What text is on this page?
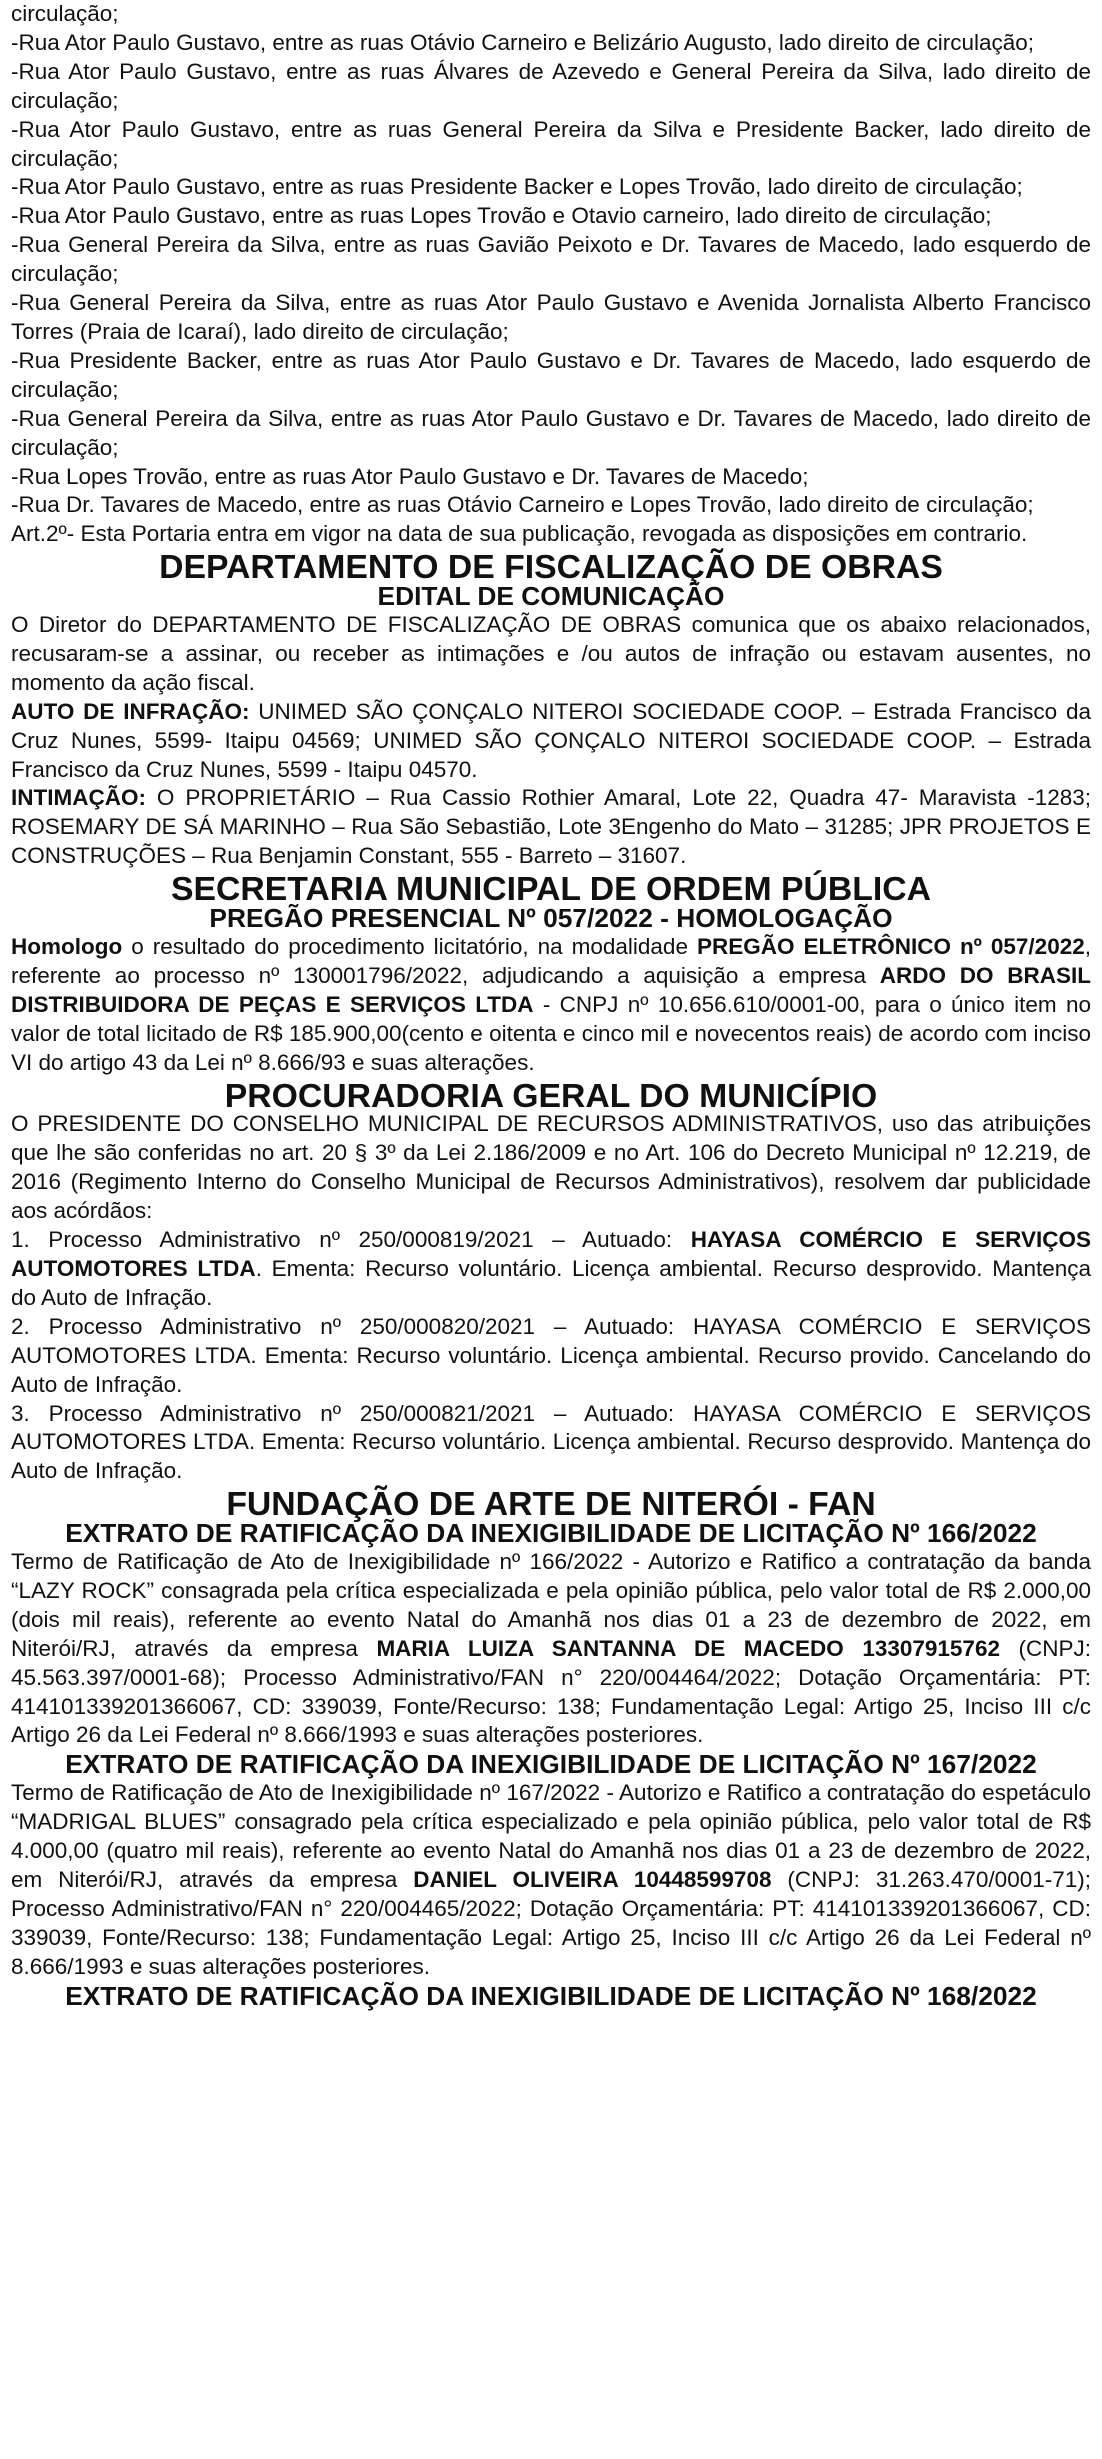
circulação;

-Rua Ator Paulo Gustavo, entre as ruas Otávio Carneiro e Belizário Augusto, lado direito de circulação;

-Rua Ator Paulo Gustavo, entre as ruas Álvares de Azevedo e General Pereira da Silva, lado direito de circulação;

-Rua Ator Paulo Gustavo, entre as ruas General Pereira da Silva e Presidente Backer, lado direito de circulação;

-Rua Ator Paulo Gustavo, entre as ruas Presidente Backer e Lopes Trovão, lado direito de circulação;

-Rua Ator Paulo Gustavo, entre as ruas Lopes Trovão e Otavio carneiro, lado direito de circulação;

-Rua General Pereira da Silva, entre as ruas Gavião Peixoto e Dr. Tavares de Macedo, lado esquerdo de circulação;

-Rua General Pereira da Silva, entre as ruas Ator Paulo Gustavo e Avenida Jornalista Alberto Francisco Torres (Praia de Icaraí), lado direito de circulação;

-Rua Presidente Backer, entre as ruas Ator Paulo Gustavo e Dr. Tavares de Macedo, lado esquerdo de circulação;

-Rua General Pereira da Silva, entre as ruas Ator Paulo Gustavo e Dr. Tavares de Macedo, lado direito de circulação;

-Rua Lopes Trovão, entre as ruas Ator Paulo Gustavo e Dr. Tavares de Macedo;

-Rua Dr. Tavares de Macedo, entre as ruas Otávio Carneiro e Lopes Trovão, lado direito de circulação;

Art.2º- Esta Portaria entra em vigor na data de sua publicação, revogada as disposições em contrario.

DEPARTAMENTO DE FISCALIZAÇÃO DE OBRAS
EDITAL DE COMUNICAÇÃO

O Diretor do DEPARTAMENTO DE FISCALIZAÇÃO DE OBRAS comunica que os abaixo relacionados, recusaram-se a assinar, ou receber as intimações e /ou autos de infração ou estavam ausentes, no momento da ação fiscal.

AUTO DE INFRAÇÃO: UNIMED SÃO ÇONÇALO NITEROI SOCIEDADE COOP. – Estrada Francisco da Cruz Nunes, 5599- Itaipu 04569; UNIMED SÃO ÇONÇALO NITEROI SOCIEDADE COOP. – Estrada Francisco da Cruz Nunes, 5599 - Itaipu 04570.

INTIMAÇÃO: O PROPRIETÁRIO – Rua Cassio Rothier Amaral, Lote 22, Quadra 47- Maravista -1283; ROSEMARY DE SÁ MARINHO – Rua São Sebastião, Lote 3Engenho do Mato – 31285; JPR PROJETOS E CONSTRUÇÕES – Rua Benjamin Constant, 555 - Barreto – 31607.

SECRETARIA MUNICIPAL DE ORDEM PÚBLICA
PREGÃO PRESENCIAL Nº 057/2022 - HOMOLOGAÇÃO

Homologo o resultado do procedimento licitatório, na modalidade PREGÃO ELETRÔNICO nº 057/2022, referente ao processo nº 130001796/2022, adjudicando a aquisição a empresa ARDO DO BRASIL DISTRIBUIDORA DE PEÇAS E SERVIÇOS LTDA - CNPJ nº 10.656.610/0001-00, para o único item no valor de total licitado de R$ 185.900,00(cento e oitenta e cinco mil e novecentos reais) de acordo com inciso VI do artigo 43 da Lei nº 8.666/93 e suas alterações.

PROCURADORIA GERAL DO MUNICÍPIO

O PRESIDENTE DO CONSELHO MUNICIPAL DE RECURSOS ADMINISTRATIVOS, uso das atribuições que lhe são conferidas no art. 20 § 3º da Lei 2.186/2009 e no Art. 106 do Decreto Municipal nº 12.219, de 2016 (Regimento Interno do Conselho Municipal de Recursos Administrativos), resolvem dar publicidade aos acórdãos:

1. Processo Administrativo nº 250/000819/2021 – Autuado: HAYASA COMÉRCIO E SERVIÇOS AUTOMOTORES LTDA. Ementa: Recurso voluntário. Licença ambiental. Recurso desprovido. Mantença do Auto de Infração.

2. Processo Administrativo nº 250/000820/2021 – Autuado: HAYASA COMÉRCIO E SERVIÇOS AUTOMOTORES LTDA. Ementa: Recurso voluntário. Licença ambiental. Recurso provido. Cancelando do Auto de Infração.

3. Processo Administrativo nº 250/000821/2021 – Autuado: HAYASA COMÉRCIO E SERVIÇOS AUTOMOTORES LTDA. Ementa: Recurso voluntário. Licença ambiental. Recurso desprovido. Mantença do Auto de Infração.

FUNDAÇÃO DE ARTE DE NITERÓI - FAN
EXTRATO DE RATIFICAÇÃO DA INEXIGIBILIDADE DE LICITAÇÃO Nº 166/2022

Termo de Ratificação de Ato de Inexigibilidade nº 166/2022 - Autorizo e Ratifico a contratação da banda “LAZY ROCK” consagrada pela crítica especializada e pela opinião pública, pelo valor total de R$ 2.000,00 (dois mil reais), referente ao evento Natal do Amanhã nos dias 01 a 23 de dezembro de 2022, em Niterói/RJ, através da empresa MARIA LUIZA SANTANNA DE MACEDO 13307915762 (CNPJ: 45.563.397/0001-68); Processo Administrativo/FAN n° 220/004464/2022; Dotação Orçamentária: PT: 414101339201366067, CD: 339039, Fonte/Recurso: 138; Fundamentação Legal: Artigo 25, Inciso III c/c Artigo 26 da Lei Federal nº 8.666/1993 e suas alterações posteriores.

EXTRATO DE RATIFICAÇÃO DA INEXIGIBILIDADE DE LICITAÇÃO Nº 167/2022

Termo de Ratificação de Ato de Inexigibilidade nº 167/2022 - Autorizo e Ratifico a contratação do espetáculo “MADRIGAL BLUES” consagrado pela crítica especializado e pela opinião pública, pelo valor total de R$ 4.000,00 (quatro mil reais), referente ao evento Natal do Amanhã nos dias 01 a 23 de dezembro de 2022, em Niterói/RJ, através da empresa DANIEL OLIVEIRA 10448599708 (CNPJ: 31.263.470/0001-71); Processo Administrativo/FAN n° 220/004465/2022; Dotação Orçamentária: PT: 414101339201366067, CD: 339039, Fonte/Recurso: 138; Fundamentação Legal: Artigo 25, Inciso III c/c Artigo 26 da Lei Federal nº 8.666/1993 e suas alterações posteriores.

EXTRATO DE RATIFICAÇÃO DA INEXIGIBILIDADE DE LICITAÇÃO Nº 168/2022
